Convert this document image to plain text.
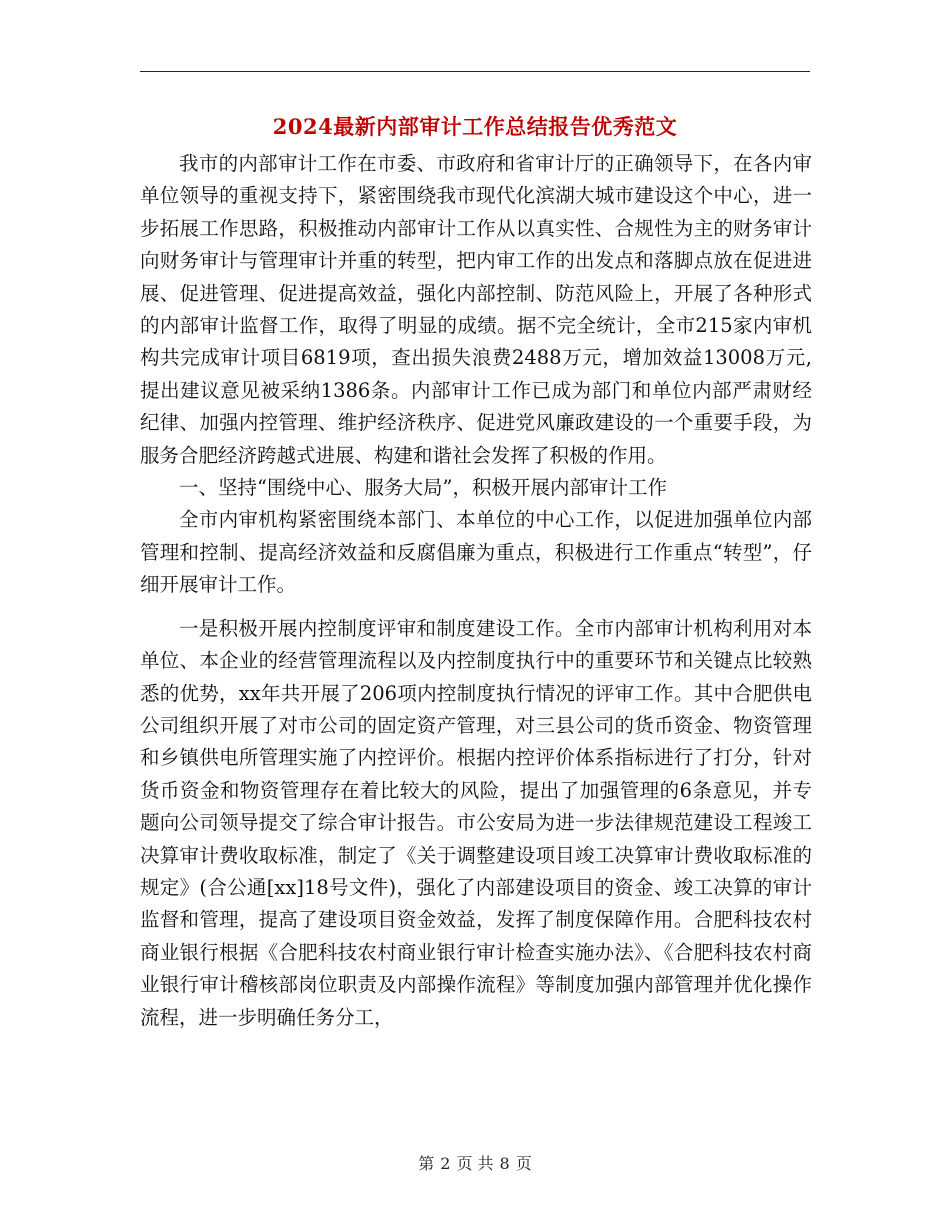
2024最新内部审计工作总结报告优秀范文

我市的内部审计工作在市委、市政府和省审计厅的正确领导下，在各内审单位领导的重视支持下，紧密围绕我市现代化滨湖大城市建设这个中心，进一步拓展工作思路，积极推动内部审计工作从以真实性、合规性为主的财务审计向财务审计与管理审计并重的转型，把内审工作的出发点和落脚点放在促进进展、促进管理、促进提高效益，强化内部控制、防范风险上，开展了各种形式的内部审计监督工作，取得了明显的成绩。据不完全统计，全市215家内审机构共完成审计项目6819项，查出损失浪费2488万元，增加效益13008万元,提出建议意见被采纳1386条。内部审计工作已成为部门和单位内部严肃财经纪律、加强内控管理、维护经济秩序、促进党风廉政建设的一个重要手段，为服务合肥经济跨越式进展、构建和谐社会发挥了积极的作用。

一、坚持“围绕中心、服务大局”，积极开展内部审计工作

全市内审机构紧密围绕本部门、本单位的中心工作，以促进加强单位内部管理和控制、提高经济效益和反腐倡廉为重点，积极进行工作重点“转型”，仔细开展审计工作。

一是积极开展内控制度评审和制度建设工作。全市内部审计机构利用对本单位、本企业的经营管理流程以及内控制度执行中的重要环节和关键点比较熟悉的优势，xx年共开展了206项内控制度执行情况的评审工作。其中合肥供电公司组织开展了对市公司的固定资产管理，对三县公司的货币资金、物资管理和乡镇供电所管理实施了内控评价。根据内控评价体系指标进行了打分，针对货币资金和物资管理存在着比较大的风险，提出了加强管理的6条意见，并专题向公司领导提交了综合审计报告。市公安局为进一步法律规范建设工程竣工决算审计费收取标准，制定了《关于调整建设项目竣工决算审计费收取标准的规定》(合公通[xx]18号文件)，强化了内部建设项目的资金、竣工决算的审计监督和管理，提高了建设项目资金效益，发挥了制度保障作用。合肥科技农村商业银行根据《合肥科技农村商业银行审计检查实施办法》、《合肥科技农村商业银行审计稽核部岗位职责及内部操作流程》等制度加强内部管理并优化操作流程，进一步明确任务分工，

第 2 页 共 8 页
